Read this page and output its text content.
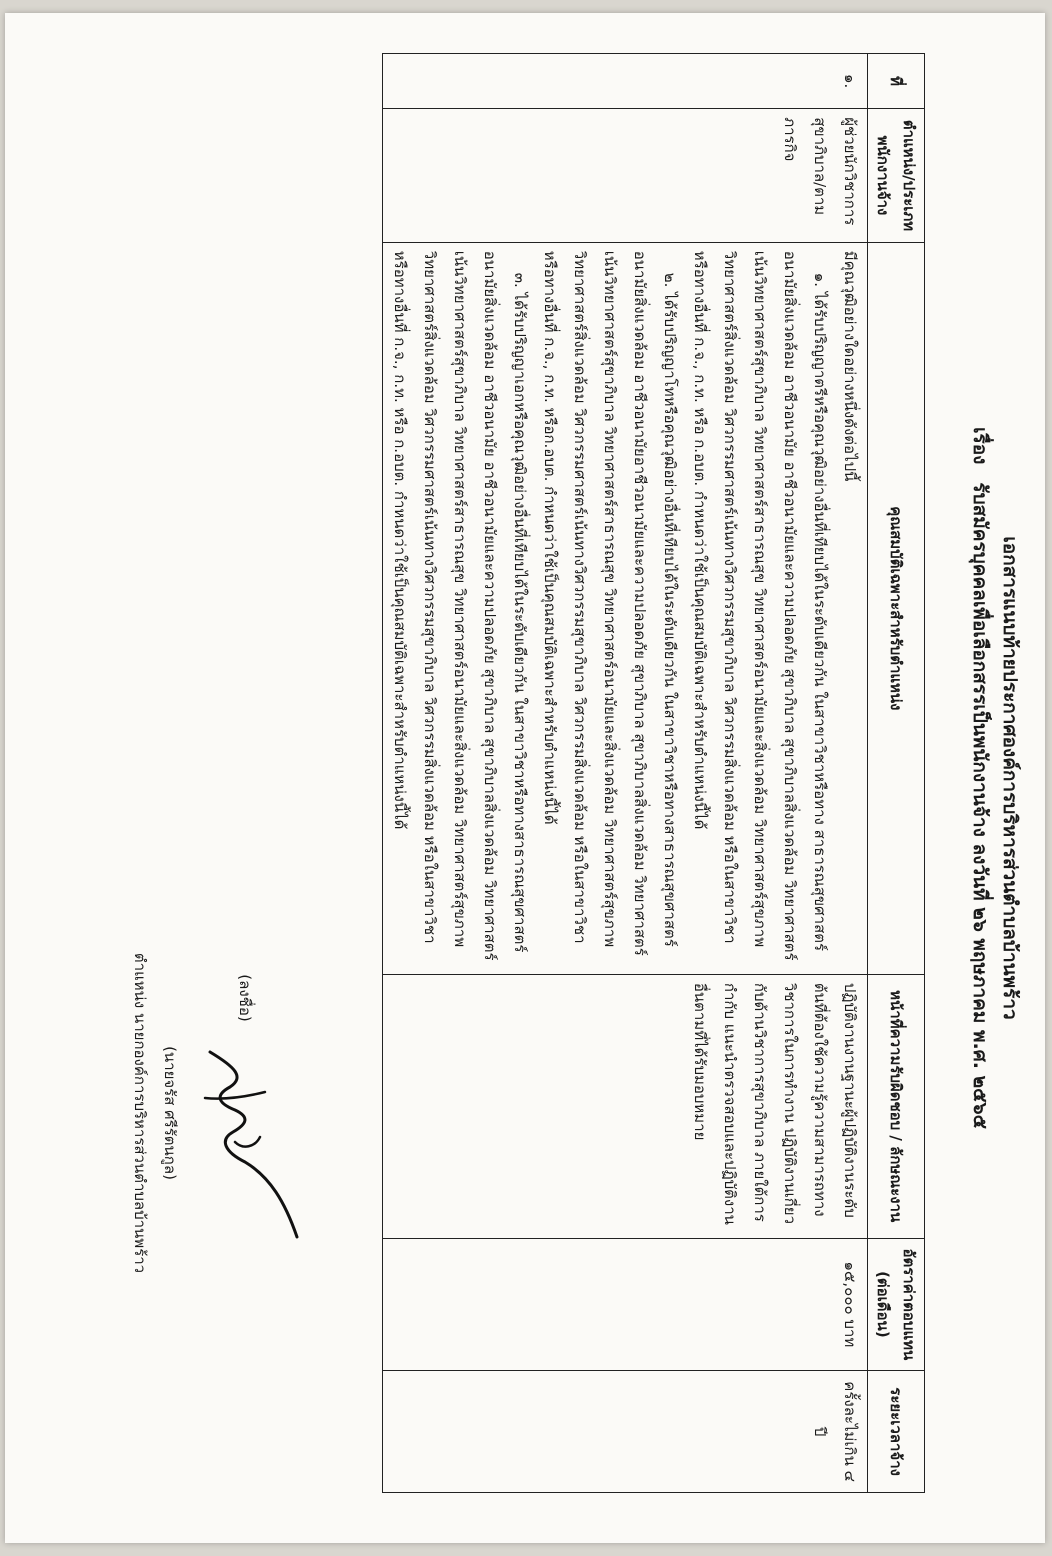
เอกสารแนบท้ายประกาศองค์การบริหารส่วนตำบลบ้านพร้าว
เรื่อง
รับสมัครบุคคลเพื่อเลือกสรรเป็นพนักงานจ้าง ลงวันที่ ๒๖ พฤษภาคม พ.ศ. ๒๕๖๕
ที่	ตำแหน่ง/ประเภทพนักงานจ้าง	คุณสมบัติเฉพาะสำหรับตำแหน่ง	หน้าที่ความรับผิดชอบ / ลักษณะงาน	อัตราค่าตอบแทน (ต่อเดือน)	ระยะเวลาจ้าง
๑.	ผู้ช่วยนักวิชาการสุขาภิบาล/ตามภารกิจ	มีคุณวุฒิอย่างใดอย่างหนึ่งดังต่อไปนี้

๑. ได้รับปริญญาตรีหรือคุณวุฒิอย่างอื่นที่เทียบได้ในระดับเดียวกัน ในสาขาวิชาหรือทาง สาธารณสุขศาสตร์ อนามัยสิ่งแวดล้อม อาชีวอนามัย อาชีวอนามัยและความปลอดภัย สุขาภิบาล สุขาภิบาลสิ่งแวดล้อม วิทยาศาสตร์เน้นวิทยาศาสตร์สุขาภิบาล วิทยาศาสตร์สาธารณสุข วิทยาศาสตร์อนามัยและสิ่งแวดล้อม วิทยาศาสตร์สุขภาพ วิทยาศาสตร์สิ่งแวดล้อม วิศวกรรมศาสตร์เน้นทางวิศวกรรมสุขาภิบาล วิศวกรรมสิ่งแวดล้อม หรือในสาขาวิชาหรือทางอื่นที่ ก.จ., ก.ท. หรือ ก.อบต. กำหนดว่าใช้เป็นคุณสมบัติเฉพาะสำหรับตำแหน่งนี้ได้

๒. ได้รับปริญญาโทหรือคุณวุฒิอย่างอื่นที่เทียบได้ในระดับเดียวกัน ในสาขาวิชาหรือทางสาธารณสุขศาสตร์ อนามัยสิ่งแวดล้อม อาชีวอนามัยอาชีวอนามัยและความปลอดภัย สุขาภิบาล สุขาภิบาลสิ่งแวดล้อม วิทยาศาสตร์เน้นวิทยาศาสตร์สุขาภิบาล วิทยาศาสตร์สาธารณสุข วิทยาศาสตร์อนามัยและสิ่งแวดล้อม วิทยาศาสตร์สุขภาพ วิทยาศาสตร์สิ่งแวดล้อม วิศวกรรมศาสตร์เน้นทางวิศวกรรมสุขาภิบาล วิศวกรรมสิ่งแวดล้อม หรือในสาขาวิชาหรือทางอื่นที่ ก.จ., ก.ท. หรือก.อบต. กำหนดว่าใช้เป็นคุณสมบัติเฉพาะสำหรับตำแหน่งนี้ได้

๓. ได้รับปริญญาเอกหรือคุณวุฒิอย่างอื่นที่เทียบได้ในระดับเดียวกัน ในสาขาวิชาหรือทางสาธารณสุขศาสตร์ อนามัยสิ่งแวดล้อม อาชีวอนามัย อาชีวอนามัยและความปลอดภัย สุขาภิบาล สุขาภิบาลสิ่งแวดล้อม วิทยาศาสตร์เน้นวิทยาศาสตร์สุขาภิบาล วิทยาศาสตร์สาธารณสุข วิทยาศาสตร์อนามัยและสิ่งแวดล้อม วิทยาศาสตร์สุขภาพ วิทยาศาสตร์สิ่งแวดล้อม วิศวกรรมศาสตร์เน้นทางวิศวกรรมสุขาภิบาล วิศวกรรมสิ่งแวดล้อม หรือในสาขาวิชาหรือทางอื่นที่ ก.จ., ก.ท. หรือ ก.อบต. กำหนดว่าใช้เป็นคุณสมบัติเฉพาะสำหรับตำแหน่งนี้ได้	ปฏิบัติงานงานฐานะผู้ปฏิบัติงานระดับต้นที่ต้องใช้ความรู้ความสามารถทางวิชาการในการทำงาน ปฏิบัติงานเกี่ยวกับด้านวิชาการสุขาภิบาล ภายใต้การกำกับ แนะนำตรวจสอบและปฏิบัติงานอื่นตามที่ได้รับมอบหมาย	๑๕,๐๐๐ บาท	ครั้งละไม่เกิน ๔ ปี
(ลงชื่อ)
(นายจรัส ศรีรัตนกูล)
ตำแหน่ง นายกองค์การบริหารส่วนตำบลบ้านพร้าว
